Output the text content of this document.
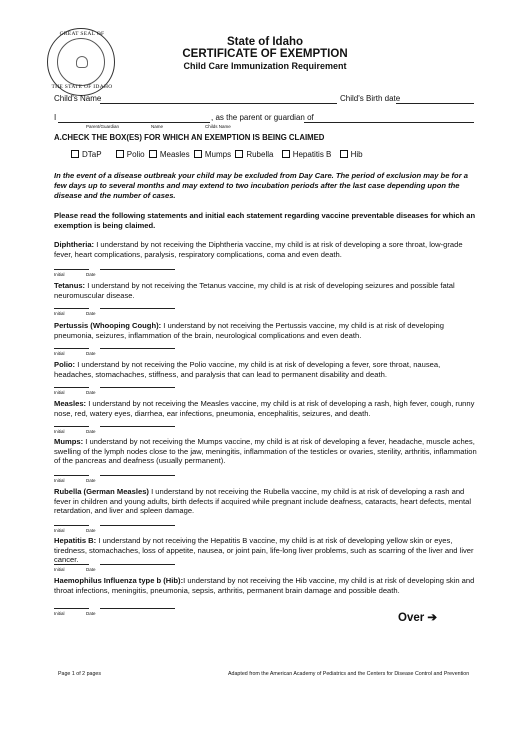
GREAT SEAL OF
THE STATE OF IDAHO
State of Idaho
CERTIFICATE OF EXEMPTION
Child Care Immunization Requirement
Child's Name	Child's Birth date
I	, as the parent or guardian of
Parent/Guardian	Name	Childs Name
A.CHECK THE BOX(ES) FOR WHICH AN EXEMPTION IS BEING CLAIMED
DTaP	Polio Measles Mumps Rubella Hepatitis B Hib
In the event of a disease outbreak your child may be excluded from Day Care. The period of exclusion may be for a few days up to several months and may extend to two incubation periods after the last case depending upon the disease and the number of cases.
Please read the following statements and initial each statement regarding vaccine preventable diseases for which an exemption is being claimed.
Diphtheria: I understand by not receiving the Diphtheria vaccine, my child is at risk of developing a sore throat, low-grade fever, heart complications, paralysis, respiratory complications, coma and even death.
Initial	Date
Tetanus: I understand by not receiving the Tetanus vaccine, my child is at risk of developing seizures and possible fatal neuromuscular disease.
Initial	Date
Pertussis (Whooping Cough): I understand by not receiving the Pertussis vaccine, my child is at risk of developing pneumonia, seizures, inflammation of the brain, neurological complications and even death.
Initial	Date
Polio: I understand by not receiving the Polio vaccine, my child is at risk of developing a fever, sore throat, nausea, headaches, stomachaches, stiffness, and paralysis that can lead to permanent disability and death.
Initial	Date
Measles: I understand by not receiving the Measles vaccine, my child is at risk of developing a rash, high fever, cough, runny nose, red, watery eyes, diarrhea, ear infections, pneumonia, encephalitis, seizures, and death.
Initial	Date
Mumps: I understand by not receiving the Mumps vaccine, my child is at risk of developing a fever, headache, muscle aches, swelling of the lymph nodes close to the jaw, meningitis, inflammation of the testicles or ovaries, sterility, arthritis, inflammation of the pancreas and deafness (usually permanent).
Initial	Date
Rubella (German Measles) I understand by not receiving the Rubella vaccine, my child is at risk of developing a rash and fever in children and young adults, birth defects if acquired while pregnant include deafness, cataracts, heart defects, mental retardation, and liver and spleen damage.
Initial	Date
Hepatitis B: I understand by not receiving the Hepatitis B vaccine, my child is at risk of developing yellow skin or eyes, tiredness, stomachaches, loss of appetite, nausea, or joint pain, life-long liver problems, such as scarring of the liver and liver cancer.
Initial	Date
Haemophilus Influenza type b (Hib):I understand by not receiving the Hib vaccine, my child is at risk of developing skin and throat infections, meningitis, pneumonia, sepsis, arthritis, permanent brain damage and possible death.
Initial	Date	Over ➔
Page 1 of 2 pages	Adapted from the American Academy of Pediatrics and the Centers for Disease Control and Prevention
